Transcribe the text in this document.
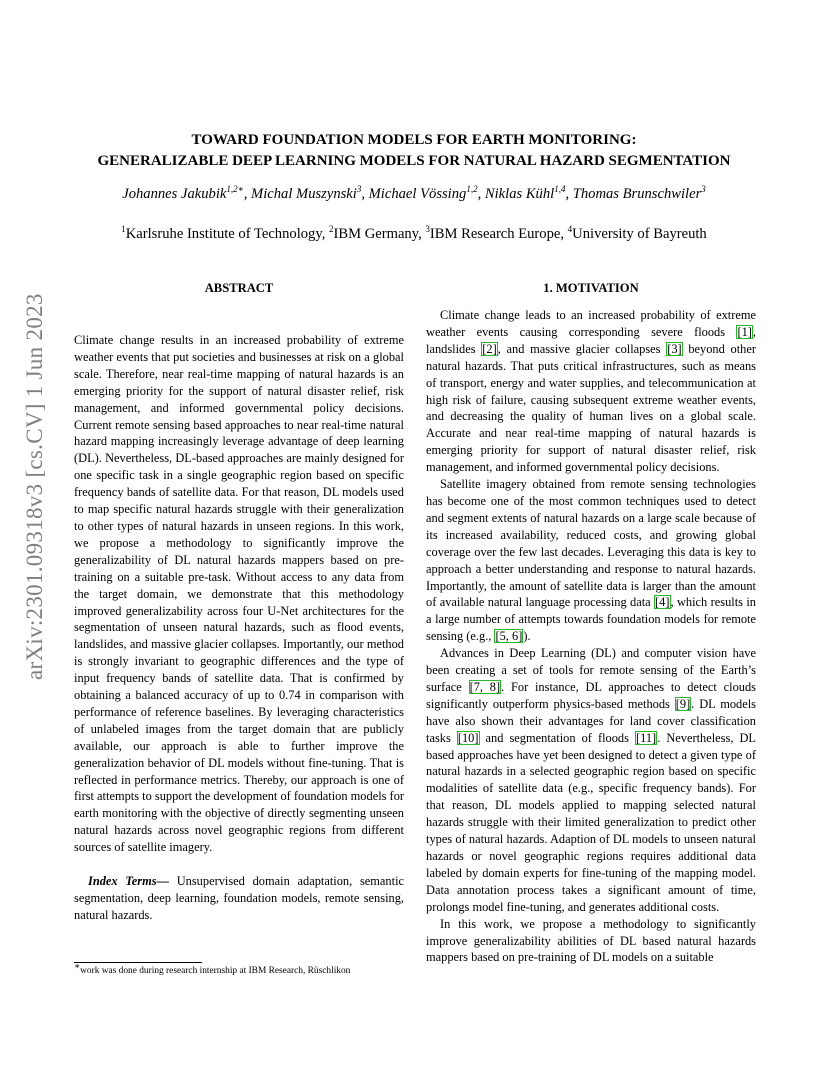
arXiv:2301.09318v3 [cs.CV] 1 Jun 2023
TOWARD FOUNDATION MODELS FOR EARTH MONITORING:
GENERALIZABLE DEEP LEARNING MODELS FOR NATURAL HAZARD SEGMENTATION
Johannes Jakubik$^{1,2∗}$, Michal Muszynski$^3$, Michael Vössing$^{1,2}$, Niklas Kühl$^{1,4}$, Thomas Brunschwiler$^3$
$^1$Karlsruhe Institute of Technology, $^2$IBM Germany, $^3$IBM Research Europe, $^4$University of Bayreuth
ABSTRACT	1. MOTIVATION

Climate change results in an increased probability of extreme weather events that put societies and businesses at risk on a global scale. Therefore, near real-time mapping of natural hazards is an emerging priority for the support of natural disaster relief, risk management, and informed governmental policy decisions. Current remote sensing based approaches to near real-time natural hazard mapping increasingly leverage advantage of deep learning (DL). Nevertheless, DL-based approaches are mainly designed for one specific task in a single geographic region based on specific frequency bands of satellite data. For that reason, DL models used to map specific natural hazards struggle with their generalization to other types of natural hazards in unseen regions. In this work, we propose a methodology to significantly improve the generalizability of DL natural hazards mappers based on pre-training on a suitable pre-task. Without access to any data from the target domain, we demonstrate that this methodology improved generalizability across four U-Net architectures for the segmentation of unseen natural hazards, such as flood events, landslides, and massive glacier collapses. Importantly, our method is strongly invariant to geographic differences and the type of input frequency bands of satellite data. That is confirmed by obtaining a balanced accuracy of up to 0.74 in comparison with performance of reference baselines. By leveraging characteristics of unlabeled images from the target domain that are publicly available, our approach is able to further improve the generalization behavior of DL models without fine-tuning. That is reflected in performance metrics. Thereby, our approach is one of first attempts to support the development of foundation models for earth monitoring with the objective of directly segmenting unseen natural hazards across novel geographic regions from different sources of satellite imagery.

Index Terms— Unsupervised domain adaptation, semantic segmentation, deep learning, foundation models, remote sensing, natural hazards.

Climate change leads to an increased probability of extreme weather events causing corresponding severe floods [1], landslides [2], and massive glacier collapses [3] beyond other natural hazards. That puts critical infrastructures, such as means of transport, energy and water supplies, and telecommunication at high risk of failure, causing subsequent extreme weather events, and decreasing the quality of human lives on a global scale. Accurate and near real-time mapping of natural hazards is emerging priority for support of natural disaster relief, risk management, and informed governmental policy decisions.

Satellite imagery obtained from remote sensing technologies has become one of the most common techniques used to detect and segment extents of natural hazards on a large scale because of its increased availability, reduced costs, and growing global coverage over the few last decades. Leveraging this data is key to approach a better understanding and response to natural hazards. Importantly, the amount of satellite data is larger than the amount of available natural language processing data [4], which results in a large number of attempts towards foundation models for remote sensing (e.g., [5, 6]).

Advances in Deep Learning (DL) and computer vision have been creating a set of tools for remote sensing of the Earth’s surface [7, 8]. For instance, DL approaches to detect clouds significantly outperform physics-based methods [9]. DL models have also shown their advantages for land cover classification tasks [10] and segmentation of floods [11]. Nevertheless, DL based approaches have yet been designed to detect a given type of natural hazards in a selected geographic region based on specific modalities of satellite data (e.g., specific frequency bands). For that reason, DL models applied to mapping selected natural hazards struggle with their limited generalization to predict other types of natural hazards. Adaption of DL models to unseen natural hazards or novel geographic regions requires additional data labeled by domain experts for fine-tuning of the mapping model. Data annotation process takes a significant amount of time, prolongs model fine-tuning, and generates additional costs.

In this work, we propose a methodology to significantly improve generalizability abilities of DL based natural hazards mappers based on pre-training of DL models on a suitable

∗work was done during research internship at IBM Research, Rüschlikon
